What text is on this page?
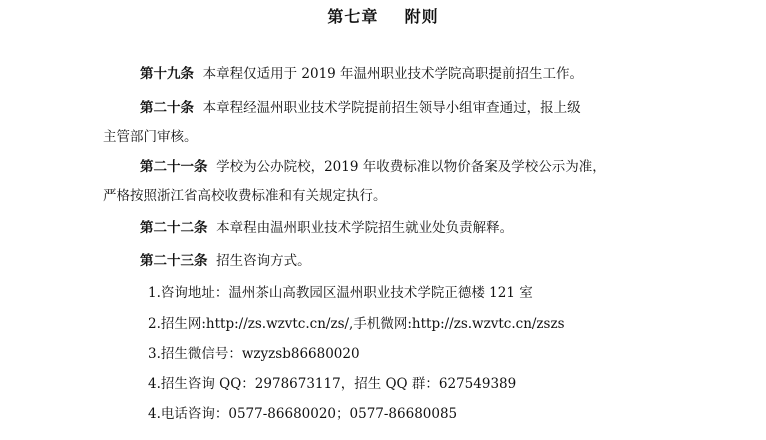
第七章    附则
第十九条 本章程仅适用于 2019 年温州职业技术学院高职提前招生工作。
第二十条 本章程经温州职业技术学院提前招生领导小组审查通过，报上级
主管部门审核。
第二十一条 学校为公办院校，2019 年收费标准以物价备案及学校公示为准，
严格按照浙江省高校收费标准和有关规定执行。
第二十二条 本章程由温州职业技术学院招生就业处负责解释。
第二十三条 招生咨询方式。
1.咨询地址：温州茶山高教园区温州职业技术学院正德楼 121 室
2.招生网:http://zs.wzvtc.cn/zs/,手机微网:http://zs.wzvtc.cn/zszs
3.招生微信号：wzyzsb86680020
4.招生咨询 QQ：2978673117，招生 QQ 群：627549389
4.电话咨询：0577-86680020；0577-86680085
